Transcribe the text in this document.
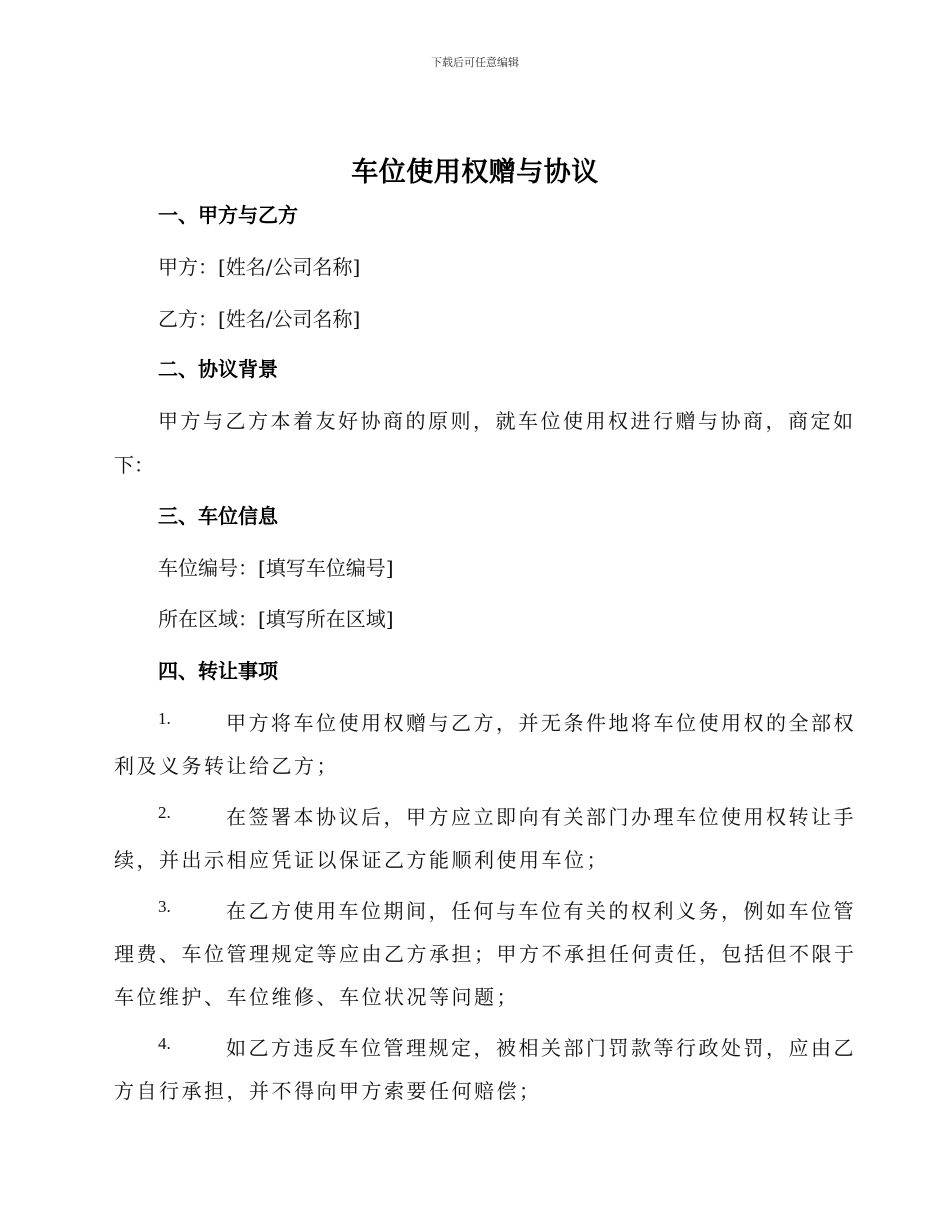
下载后可任意编辑
车位使用权赠与协议
一、甲方与乙方
甲方：[姓名/公司名称]
乙方：[姓名/公司名称]
二、协议背景
甲方与乙方本着友好协商的原则，就车位使用权进行赠与协商，商定如
下：
三、车位信息
车位编号：[填写车位编号]
所在区域：[填写所在区域]
四、转让事项
1.	甲方将车位使用权赠与乙方，并无条件地将车位使用权的全部权
利及义务转让给乙方；
2.	在签署本协议后，甲方应立即向有关部门办理车位使用权转让手
续，并出示相应凭证以保证乙方能顺利使用车位；
3.	在乙方使用车位期间，任何与车位有关的权利义务，例如车位管
理费、车位管理规定等应由乙方承担；甲方不承担任何责任，包括但不限于
车位维护、车位维修、车位状况等问题；
4.	如乙方违反车位管理规定，被相关部门罚款等行政处罚，应由乙
方自行承担，并不得向甲方索要任何赔偿；
